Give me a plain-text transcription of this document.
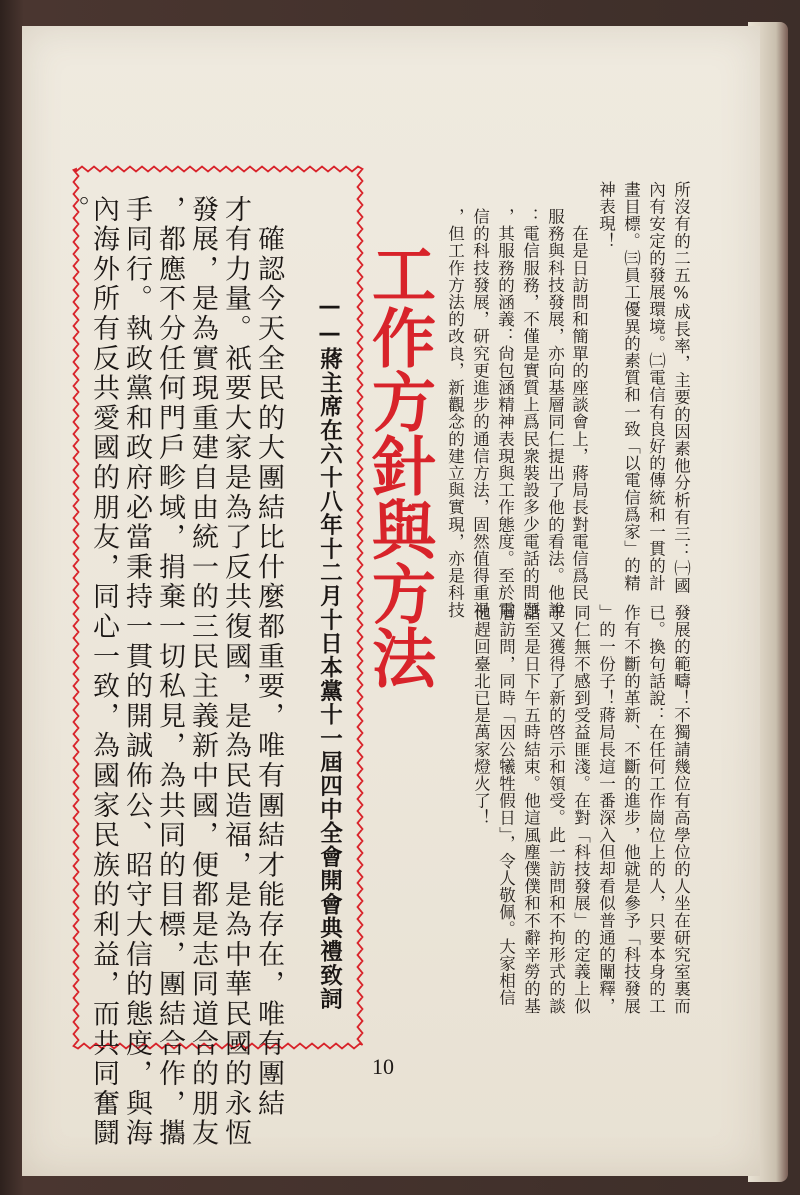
所沒有的二五%成長率，主要的因素他分析有三：㈠國
內有安定的發展環境。㈡電信有良好的傳統和一貫的計
畫目標。㈢員工優異的素質和一致「以電信爲家」的精
神表現！
　在是日訪問和簡單的座談會上，蔣局長對電信爲民
服務與科技發展，亦向基層同仁提出了他的看法。他說
：電信服務，不僅是實質上爲民衆裝設多少電話的問題
，其服務的涵義：尙包涵精神表現與工作態度。至於電
信的科技發展，研究更進步的通信方法，固然值得重視
，但工作方法的改良，新觀念的建立與實現，亦是科技
工作方針與方法
發展的範疇！不獨請幾位有高學位的人坐在研究室裏而
已。換句話說：在任何工作崗位上的人，只要本身的工
作有不斷的革新、不斷的進步，他就是參予「科技發展
」的一份子！蔣局長這一番深入但却看似普通的闡釋，
同仁無不感到受益匪淺。在對「科技發展」的定義上似
乎又獲得了新的啓示和領受。此一訪問和不拘形式的談
話至是日下午五時結束。他這風塵僕僕和不辭辛勞的基
層訪問，同時「因公犧牲假日」，令人敬佩。大家相信
他趕回臺北已是萬家燈火了！
——蔣主席在六十八年十二月十日本黨十一屆四中全會開會典禮致詞
　確認今天全民的大團結比什麼都重要，唯有團結才能存在，唯有團結
才有力量。祇要大家是為了反共復國，是為民造福，是為中華民國的永恆
發展，是為實現重建自由統一的三民主義新中國，便都是志同道合的朋友
，都應不分任何門戶畛域，捐棄一切私見，為共同的目標，團結合作，攜
手同行。執政黨和政府必當秉持一貫的開誠佈公、昭守大信的態度，與海
內海外所有反共愛國的朋友，同心一致，為國家民族的利益，而共同奮鬪
。
10
